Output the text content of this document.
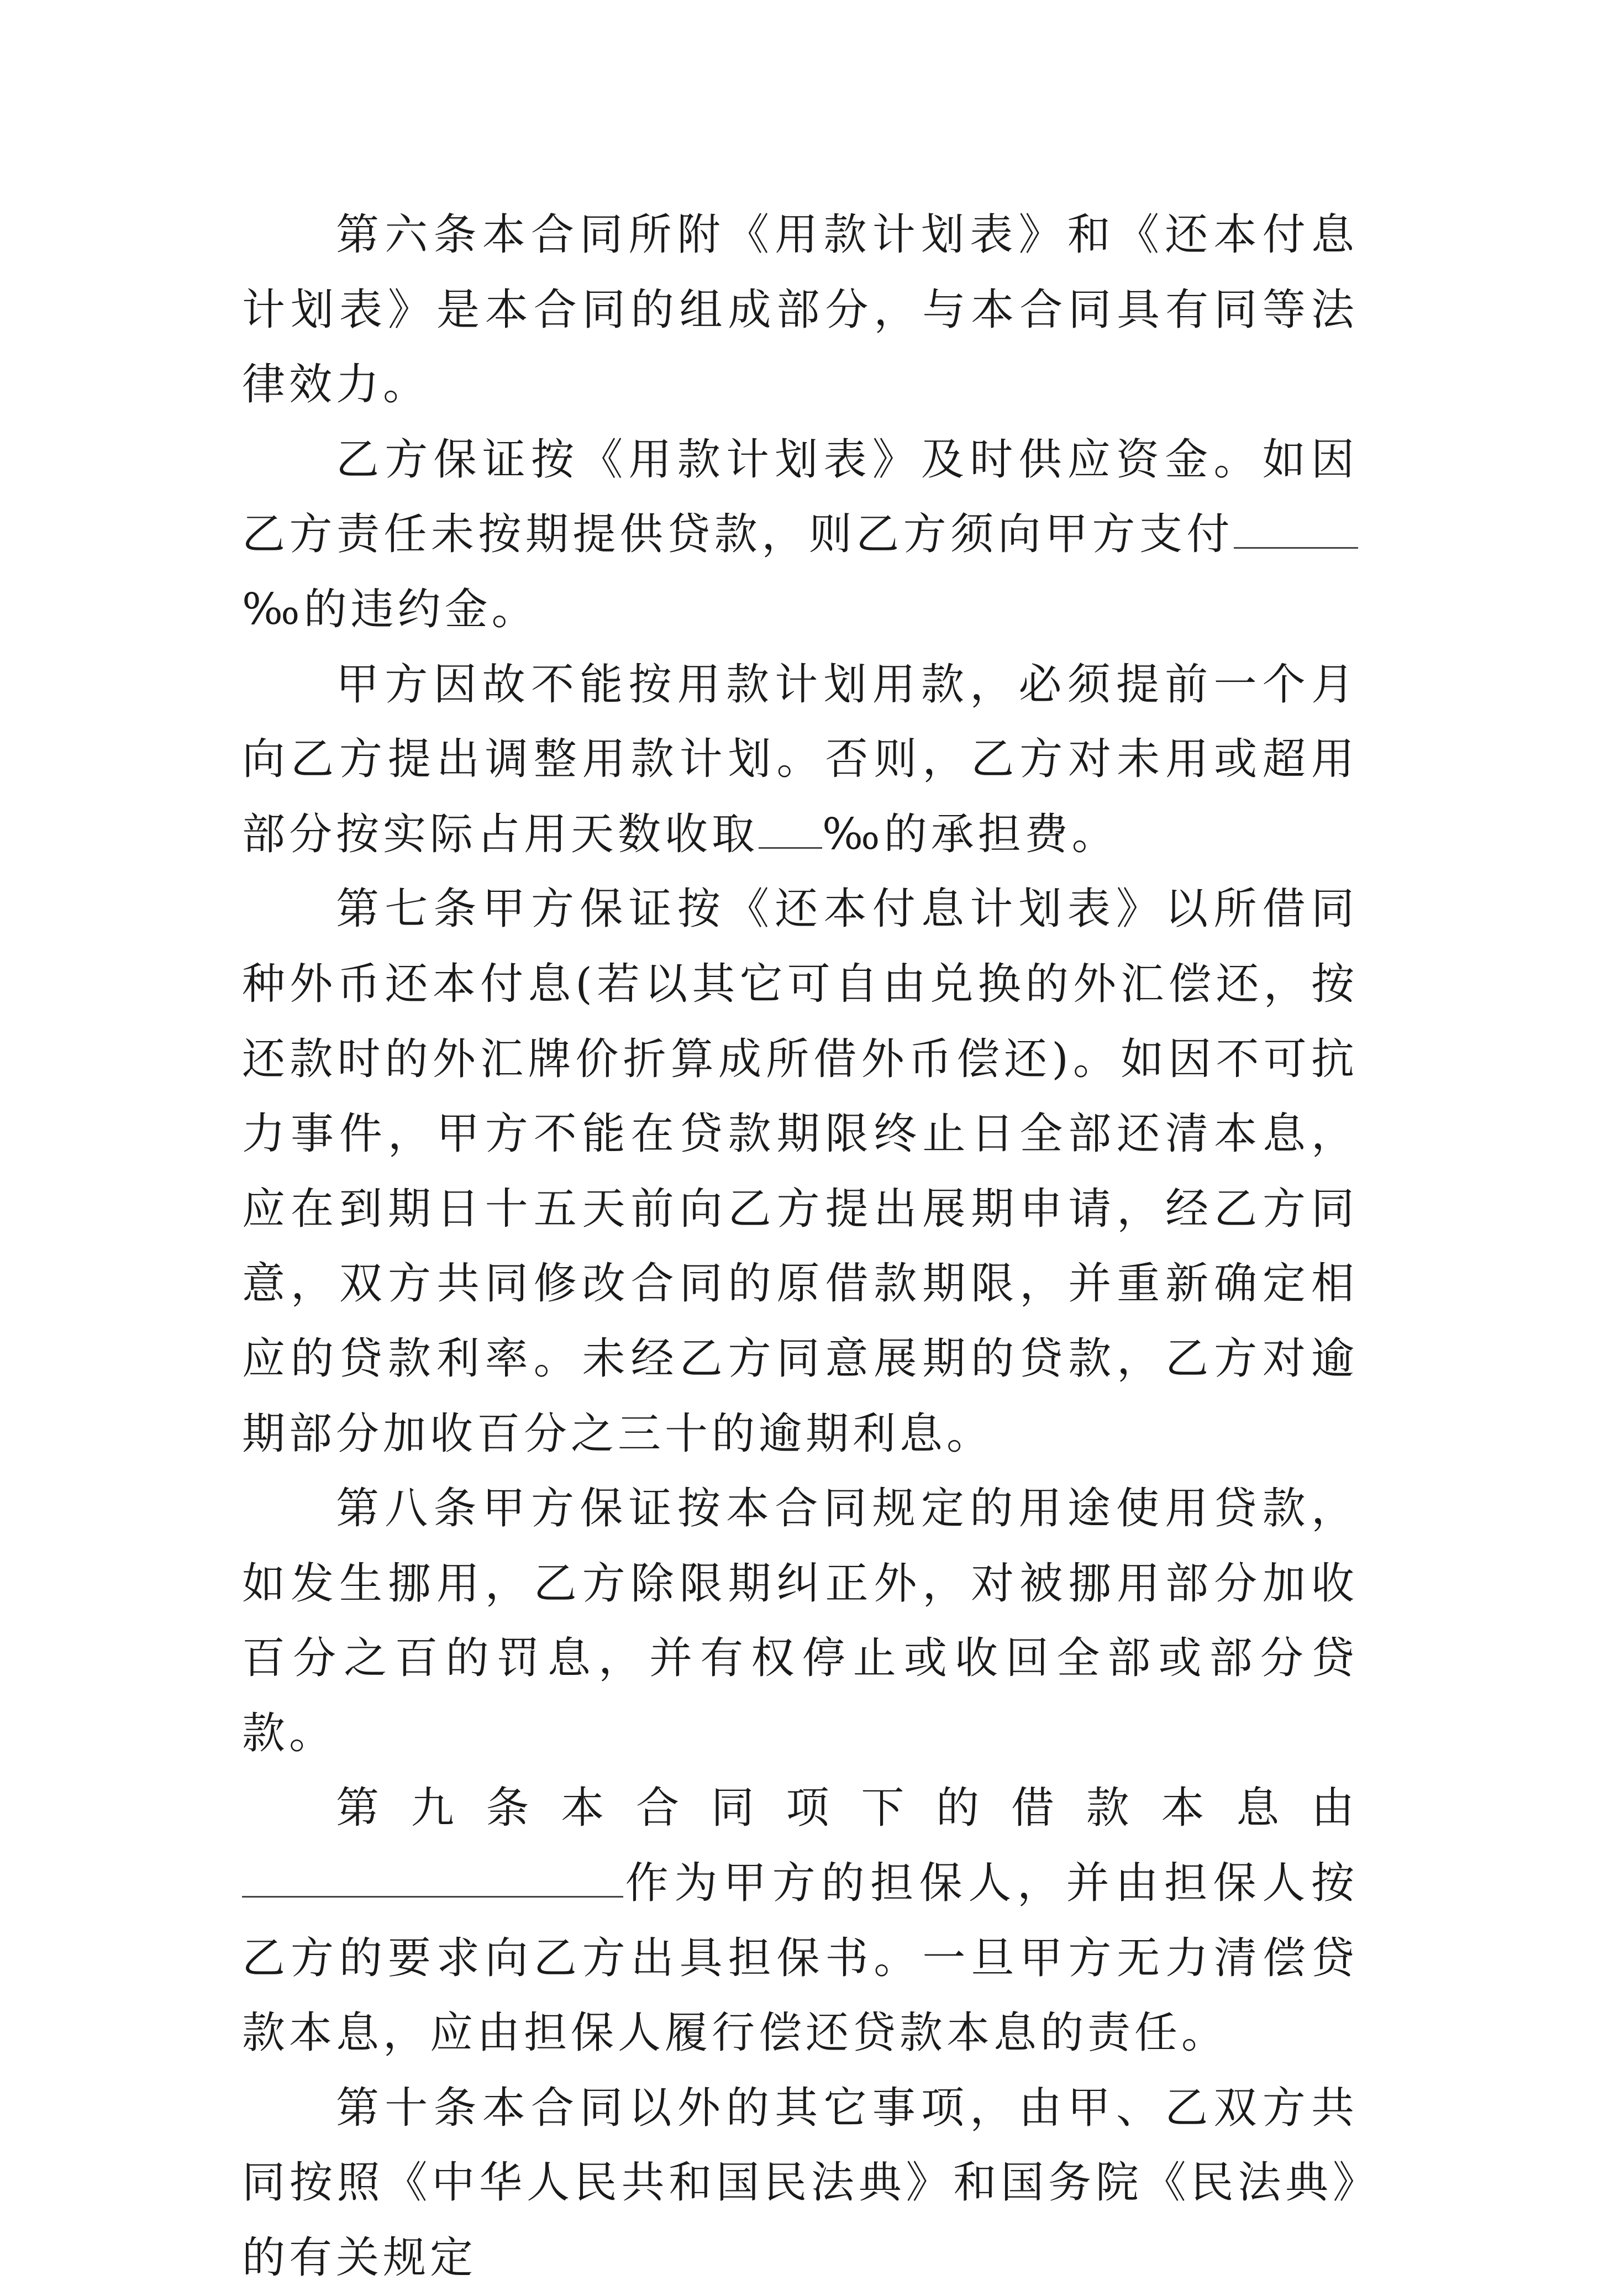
第六条本合同所附《用款计划表》和《还本付息计划表》是本合同的组成部分，与本合同具有同等法律效力。

乙方保证按《用款计划表》及时供应资金。如因乙方责任未按期提供贷款，则乙方须向甲方支付‰的违约金。

甲方因故不能按用款计划用款，必须提前一个月向乙方提出调整用款计划。否则，乙方对未用或超用部分按实际占用天数收取 ‰的承担费。

第七条甲方保证按《还本付息计划表》以所借同种外币还本付息(若以其它可自由兑换的外汇偿还，按还款时的外汇牌价折算成所借外币偿还)。如因不可抗力事件，甲方不能在贷款期限终止日全部还清本息，应在到期日十五天前向乙方提出展期申请，经乙方同意，双方共同修改合同的原借款期限，并重新确定相应的贷款利率。未经乙方同意展期的贷款，乙方对逾期部分加收百分之三十的逾期利息。

第八条甲方保证按本合同规定的用途使用贷款，如发生挪用，乙方除限期纠正外，对被挪用部分加收百分之百的罚息，并有权停止或收回全部或部分贷款。

第九条本合同项下的借款本息由作为甲方的担保人，并由担保人按乙方的要求向乙方出具担保书。一旦甲方无力清偿贷款本息，应由担保人履行偿还贷款本息的责任。

第十条本合同以外的其它事项，由甲、乙双方共同按照《中华人民共和国民法典》和国务院《民法典》的有关规定
